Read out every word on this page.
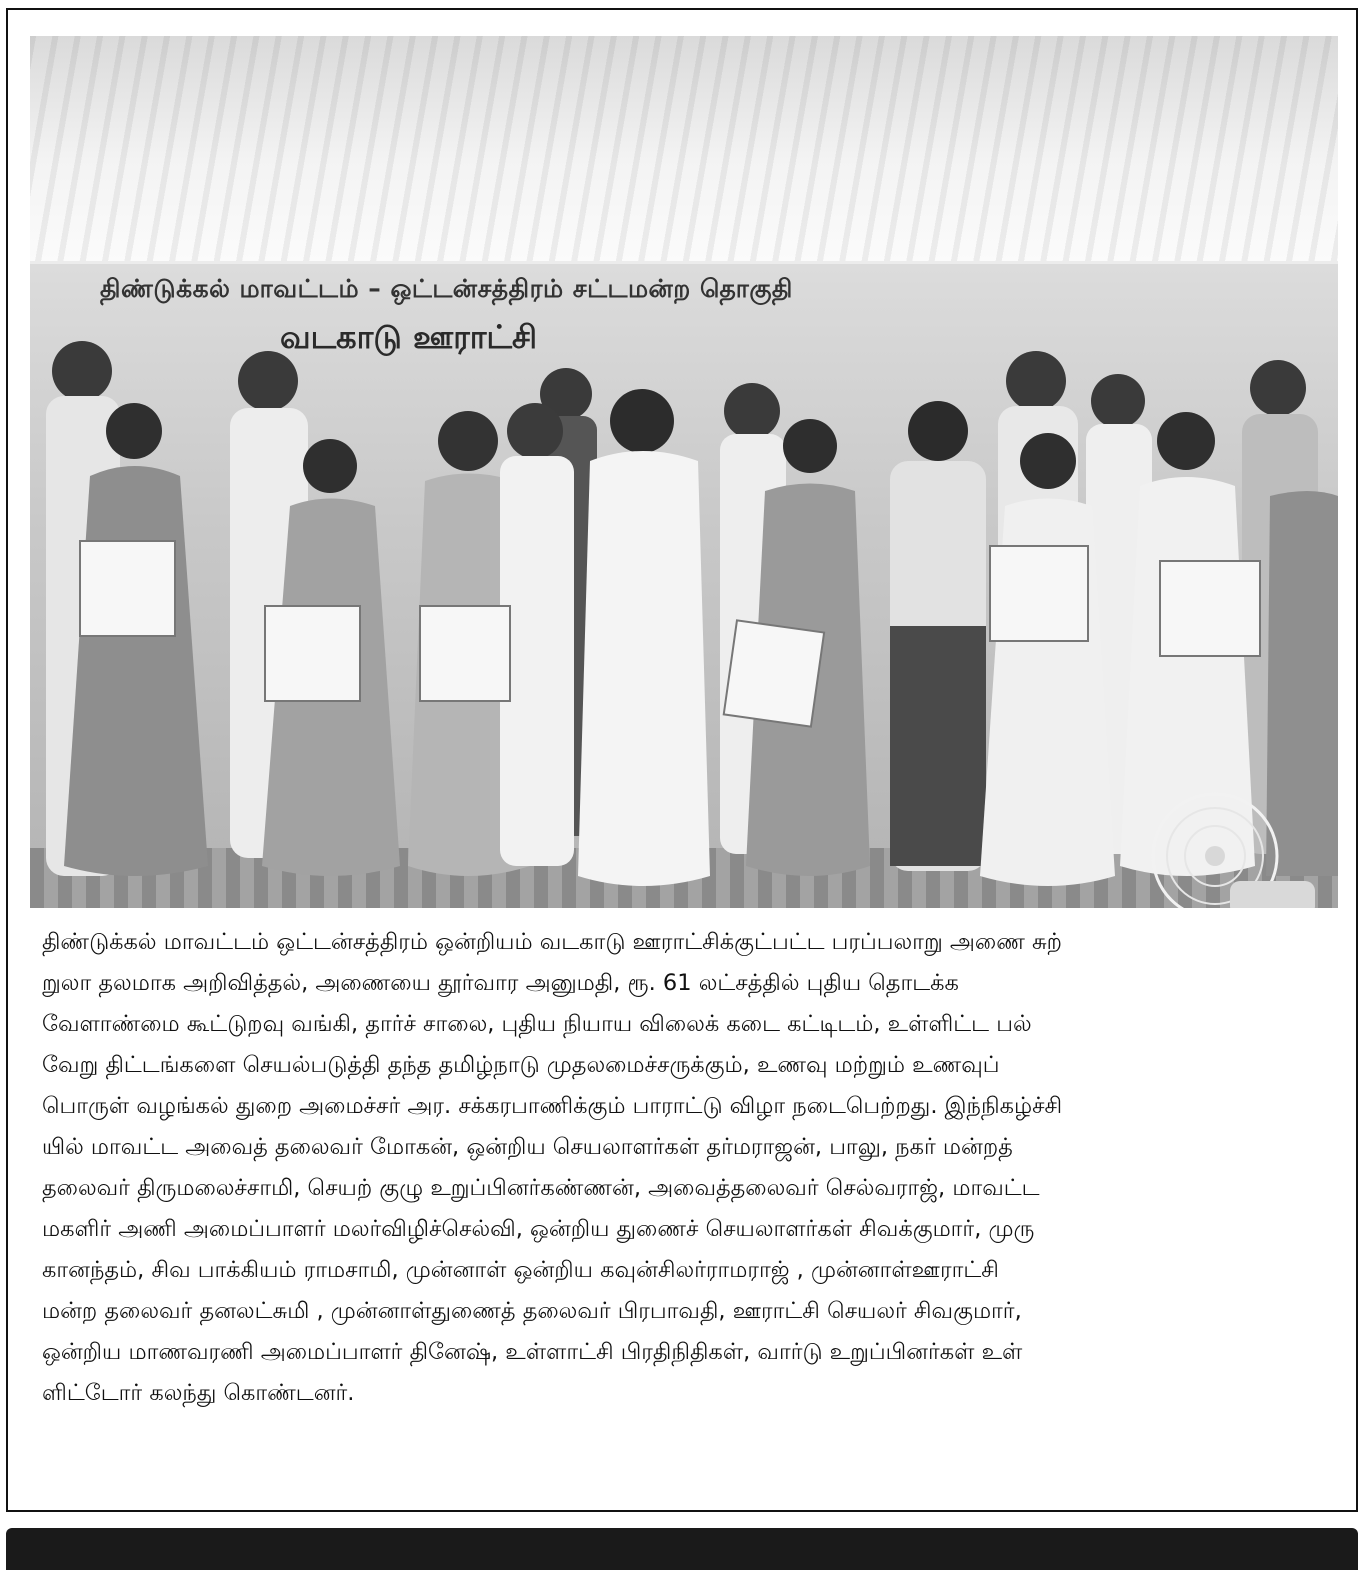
திண்டுக்கல் மாவட்டம் – ஒட்டன்சத்திரம் சட்டமன்ற தொகுதி
வடகாடு ஊராட்சி
திண்டுக்கல் மாவட்டம் ஒட்டன்சத்திரம் ஒன்றியம் வடகாடு ஊராட்சிக்குட்பட்ட பரப்பலாறு அணை சுற்
றுலா தலமாக அறிவித்தல், அணையை தூர்வார அனுமதி, ரூ. 61 லட்சத்தில் புதிய தொடக்க
வேளாண்மை கூட்டுறவு வங்கி, தார்ச் சாலை, புதிய நியாய விலைக் கடை கட்டிடம், உள்ளிட்ட பல்
வேறு திட்டங்களை செயல்படுத்தி தந்த தமிழ்நாடு முதலமைச்சருக்கும், உணவு மற்றும் உணவுப்
பொருள் வழங்கல் துறை அமைச்சர் அர. சக்கரபாணிக்கும் பாராட்டு விழா நடைபெற்றது. இந்நிகழ்ச்சி
யில் மாவட்ட அவைத் தலைவர் மோகன், ஒன்றிய செயலாளர்கள் தர்மராஜன், பாலு, நகர் மன்றத்
தலைவர் திருமலைச்சாமி, செயற் குழு உறுப்பினர்கண்ணன், அவைத்தலைவர் செல்வராஜ், மாவட்ட
மகளிர் அணி அமைப்பாளர் மலர்விழிச்செல்வி, ஒன்றிய துணைச் செயலாளர்கள் சிவக்குமார், முரு
கானந்தம், சிவ பாக்கியம் ராமசாமி, முன்னாள் ஒன்றிய கவுன்சிலர்ராமராஜ் , முன்னாள்ஊராட்சி
மன்ற தலைவர் தனலட்சுமி , முன்னாள்துணைத் தலைவர் பிரபாவதி, ஊராட்சி செயலர் சிவகுமார்,
ஒன்றிய மாணவரணி அமைப்பாளர் தினேஷ், உள்ளாட்சி பிரதிநிதிகள், வார்டு உறுப்பினர்கள் உள்
ளிட்டோர் கலந்து கொண்டனர்.
